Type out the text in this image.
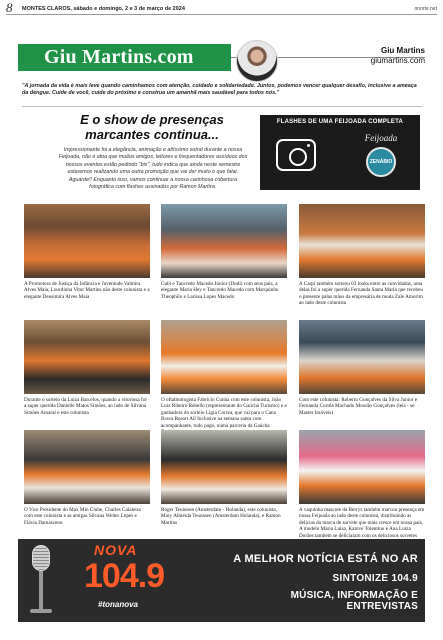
8	MONTES CLAROS, sábado e domingo, 2 e 3 de março de 2024	onorte.net
Giu Martins.com	Giu Martins
giumartins.com
"A jornada da vida é mais leve quando caminhamos com atenção, cuidado e solidariedade. Juntos, podemos vencer qualquer desafio, inclusive a ameaça da dengue. Cuide de você, cuide do próximo e construa um amanhã mais saudável para todos nós."
E o show de presenças marcantes continua...
Impressionante foi a elegância, animação e altíssimo astral durante a nossa Feijoada, não é atoa que muitos amigos, leitores e frequentadores assíduos dos nossos eventos estão pedindo "bis", tudo indica que ainda neste semestre estaremos realizando uma outra promoção que vai dar muito o que falar. Aguarde!! Enquanto isso, vamos continuar a nossa carinhosa cobertura fotográfica com flashes assinados por Ramon Martins.
FLASHES DE UMA FEIJOADA COMPLETA
Feijoada
ZENÁBIO
A Promotora de Justiça da Infância e Juventude Valmira Alves Maia, Lourdinha Vitor Martins não deste colunista e a elegante Deusimira Alves Maia
Gabi e Tancredo Macedo Júnior (Dudi) com seus pais, a elegante Maria Hey e Tancredo Macedo com Marquinho Theophilo e Larissa Lopes Macedo
A Carpi também sorteou 03 looks entre as convidadas, uma delas foi a super querida Fernanda Santa Maria que recebeu o presente palas mãos da empresária de moda Zale Amorim ao lado deste colunista
Durante o sorteio da Luiza Barcelos, quando a vitoriosa foi a super querida Danielle Matos Simões, ao lado de Silvana Simões Amaral e este colunista
O oftalmologista Fabrício Cunha com este colunista, João Luiz Ribeiro Rebello (representante do Gaúcha Turismo) e a ganhadora do sorteio Ligia Correa, que vai para o Cana Brava Resort All Inclusive na semana santa com acompanhante, tudo pago, numa parceria da Gaúcha
Com este colunista: Roberto Gonçalves da Silva Junior e Fernanda Corrêa Machado Mourão Gonçalves (leia - se Master Imóveis)
O Vice Presidente do Max Min Clube, Charles Calaleira com este colunista e as amigas Silvana Welter Lopes e Flávia Damasceno
Roger Teunssen (Amsterdam - Holanda), este colunista, Mary Almeida Teunssen (Amsterdam Holanda), e Ramon Martins
A vaquinha mascote da Berrys também marcou presença em nossa Feijoada ao lado deste colunista, distribuindo as delícias da marca de sorvete que mais cresce em nossa país. A modelo Maria Luisa, Kamve Tolentino e Ana Luiza Dorães também se deliciaram com os deliciosos sorvetes
NOVA
104.9
#tonanova
A MELHOR NOTÍCIA ESTÁ NO AR
SINTONIZE 104.9
MÚSICA, INFORMAÇÃO E ENTREVISTAS
